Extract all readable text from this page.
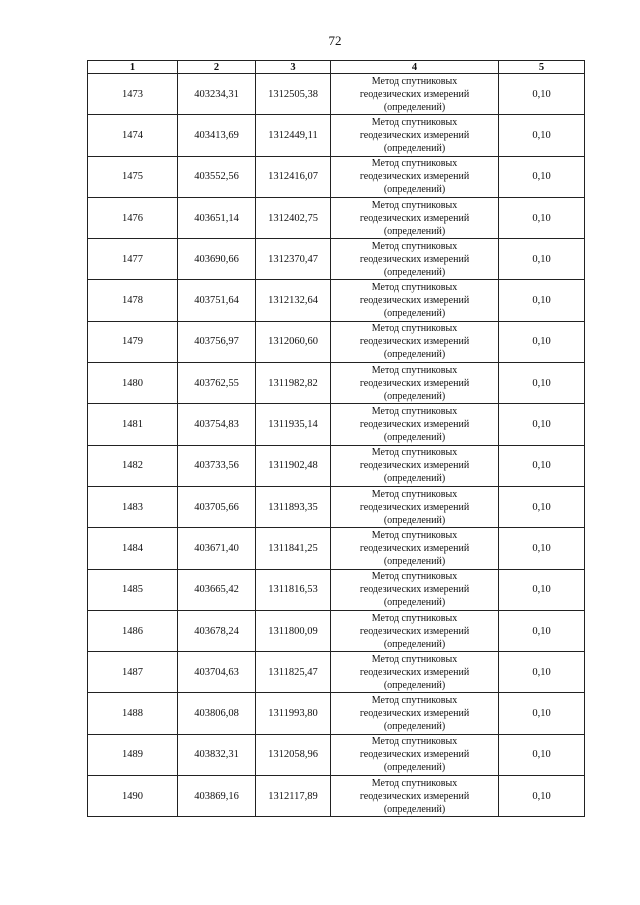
72
1	2	3	4	5
1473	403234,31	1312505,38	Метод спутниковых
геодезических измерений
(определений)	0,10
1474	403413,69	1312449,11	Метод спутниковых
геодезических измерений
(определений)	0,10
1475	403552,56	1312416,07	Метод спутниковых
геодезических измерений
(определений)	0,10
1476	403651,14	1312402,75	Метод спутниковых
геодезических измерений
(определений)	0,10
1477	403690,66	1312370,47	Метод спутниковых
геодезических измерений
(определений)	0,10
1478	403751,64	1312132,64	Метод спутниковых
геодезических измерений
(определений)	0,10
1479	403756,97	1312060,60	Метод спутниковых
геодезических измерений
(определений)	0,10
1480	403762,55	1311982,82	Метод спутниковых
геодезических измерений
(определений)	0,10
1481	403754,83	1311935,14	Метод спутниковых
геодезических измерений
(определений)	0,10
1482	403733,56	1311902,48	Метод спутниковых
геодезических измерений
(определений)	0,10
1483	403705,66	1311893,35	Метод спутниковых
геодезических измерений
(определений)	0,10
1484	403671,40	1311841,25	Метод спутниковых
геодезических измерений
(определений)	0,10
1485	403665,42	1311816,53	Метод спутниковых
геодезических измерений
(определений)	0,10
1486	403678,24	1311800,09	Метод спутниковых
геодезических измерений
(определений)	0,10
1487	403704,63	1311825,47	Метод спутниковых
геодезических измерений
(определений)	0,10
1488	403806,08	1311993,80	Метод спутниковых
геодезических измерений
(определений)	0,10
1489	403832,31	1312058,96	Метод спутниковых
геодезических измерений
(определений)	0,10
1490	403869,16	1312117,89	Метод спутниковых
геодезических измерений
(определений)	0,10
